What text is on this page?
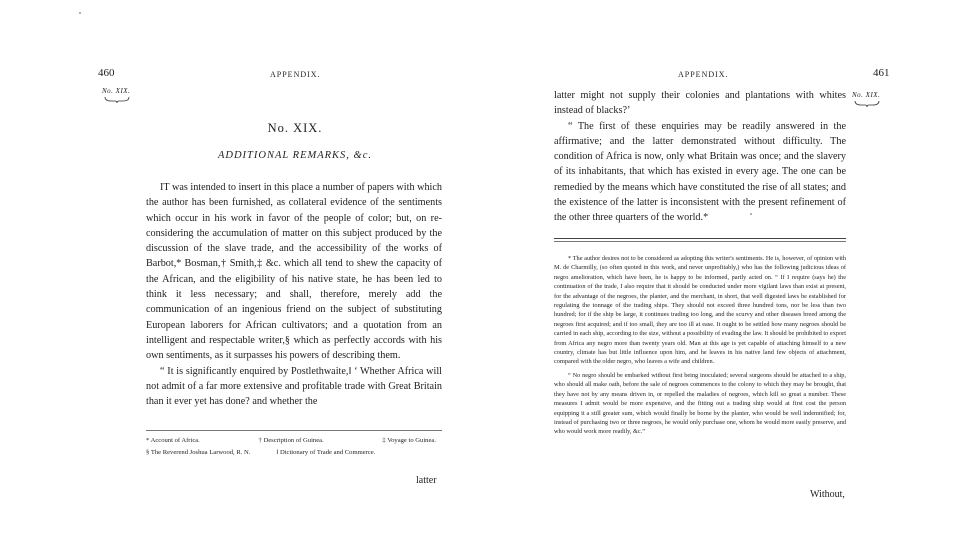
460	APPENDIX.
No. XIX.
No. XIX.
ADDITIONAL REMARKS, &c.

IT was intended to insert in this place a number of papers with which the author has been furnished, as collateral evidence of the sentiments which occur in his work in favor of the people of color; but, on re-considering the accumulation of matter on this subject produced by the discussion of the slave trade, and the accessibility of the works of Barbot,* Bosman,† Smith,‡ &c. which all tend to shew the capacity of the African, and the eligibility of his native state, he has been led to think it less necessary; and shall, therefore, merely add the communication of an ingenious friend on the subject of substituting European laborers for African cultivators; and a quotation from an intelligent and respectable writer,§ which as perfectly accords with his own sentiments, as it surpasses his powers of describing them.

“ It is significantly enquired by Postlethwaite,‖ ‘ Whether Africa will not admit of a far more extensive and profitable trade with Great Britain than it ever yet has done? and whether the

* Account of Africa.	† Description of Guinea.	‡ Voyage to Guinea.
§ The Reverend Joshua Larwood, R. N.	‖ Dictionary of Trade and Commerce.
latter
APPENDIX.	461
No. XIX.

latter might not supply their colonies and plantations with whites instead of blacks?’

“ The first of these enquiries may be readily answered in the affirmative; and the latter demonstrated without difficulty. The condition of Africa is now, only what Britain was once; and the slavery of its inhabitants, that which has existed in every age. The one can be remedied by the means which have constituted the rise of all states; and the existence of the latter is inconsistent with the present refinement of the other three quarters of the world.*

* The author desires not to be considered as adopting this writer's sentiments. He is, however, of opinion with M. de Charmilly, (so often quoted in this work, and never unprofitably,) who has the following judicious ideas of negro amelioration, which have been, he is happy to be informed, partly acted on. “ If I require (says he) the continuation of the trade, I also require that it should be conducted under more vigilant laws than exist at present, for the advantage of the negroes, the planter, and the merchant, in short, that well digested laws be established for regulating the tonnage of the trading ships. They should not exceed three hundred tons, nor be less than two hundred; for if the ship be large, it continues trading too long, and the scurvy and other diseases breed among the negroes first acquired; and if too small, they are too ill at ease. It ought to be settled how many negroes should be carried in each ship, according to the size, without a possibility of evading the law. It should be prohibited to export from Africa any negro more than twenty years old. Man at this age is yet capable of attaching himself to a new country, climate has but little influence upon him, and he leaves in his native land few objects of attachment, compared with the older negro, who leaves a wife and children.

“ No negro should be embarked without first being inoculated; several surgeons should be attached to a ship, who should all make oath, before the sale of negroes commences to the colony to which they may be brought, that they have not by any means driven in, or repelled the maladies of negroes, which kill so great a number. These measures I admit would be more expensive, and the fitting out a trading ship would at first cost the person equipping it a still greater sum, which would finally be borne by the planter, who would be well indemnified; for, instead of purchasing two or three negroes, he would only purchase one, whom he would more easily preserve, and who would work more readily, &c.”

Without,
